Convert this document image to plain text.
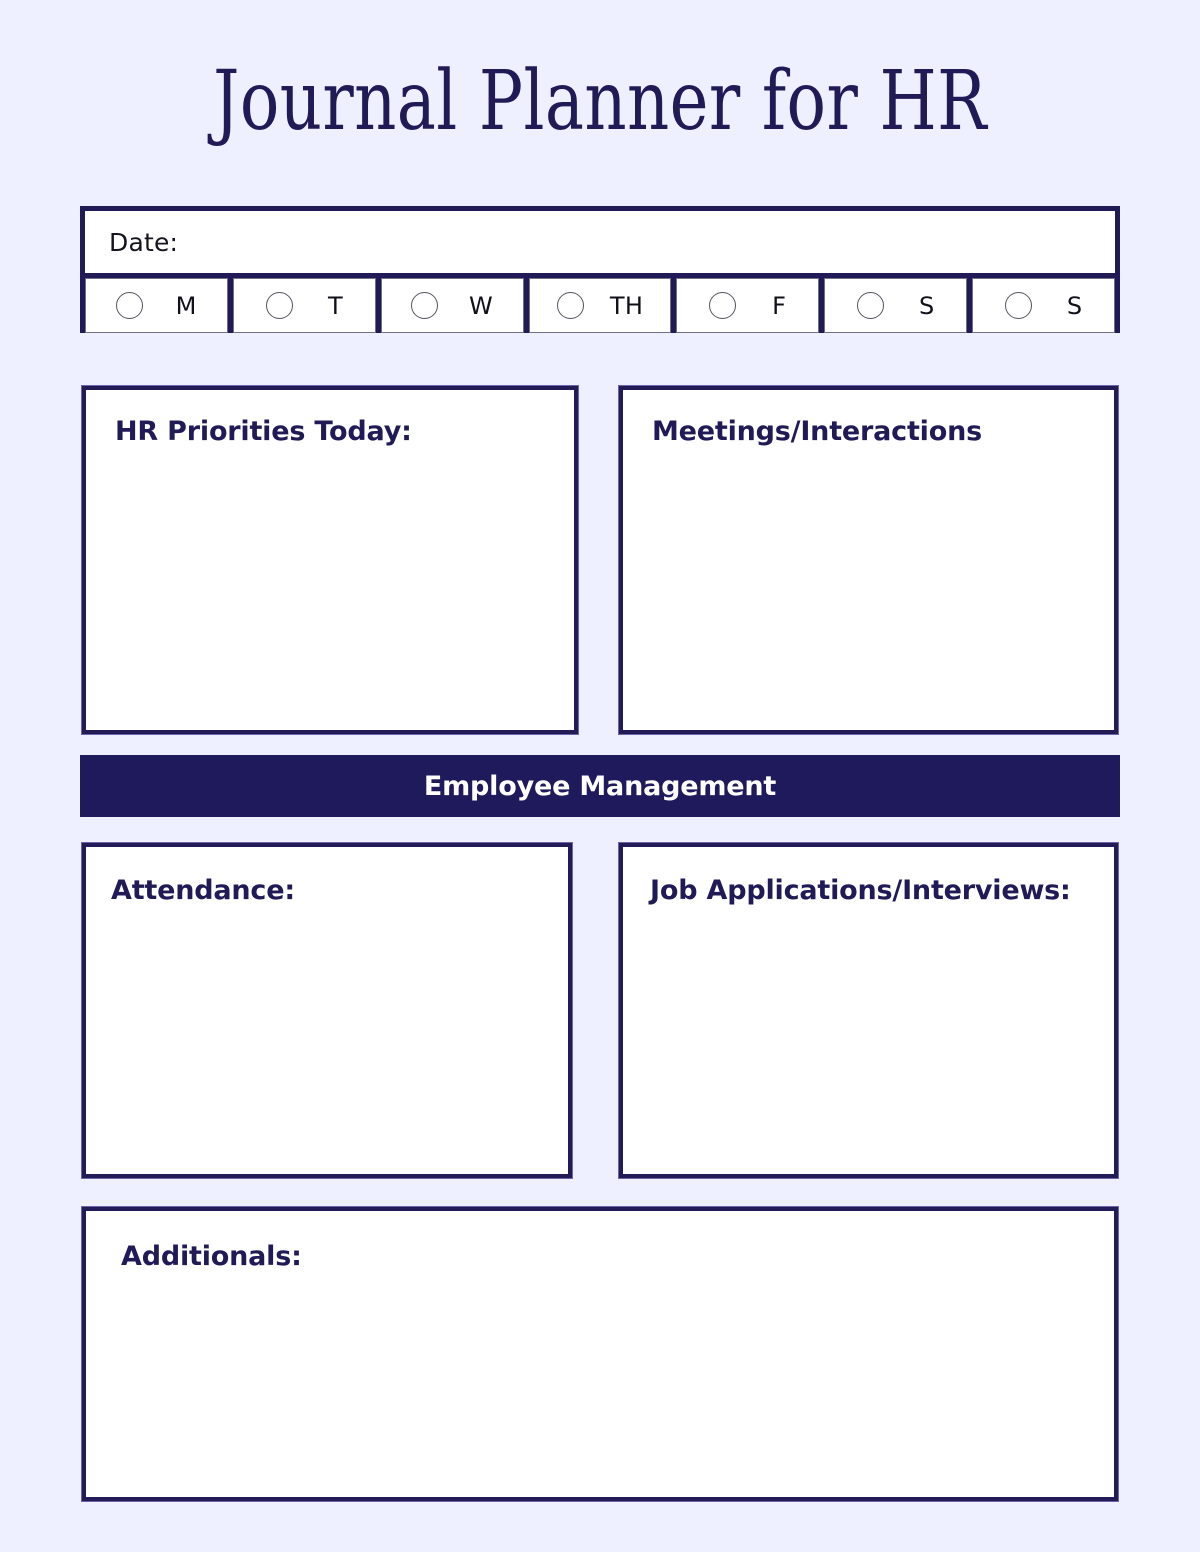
Journal Planner for HR
Date:
M	T	W	TH	F	S	S
HR Priorities Today:	Meetings/Interactions
Employee Management
Attendance:	Job Applications/Interviews:
Additionals:
